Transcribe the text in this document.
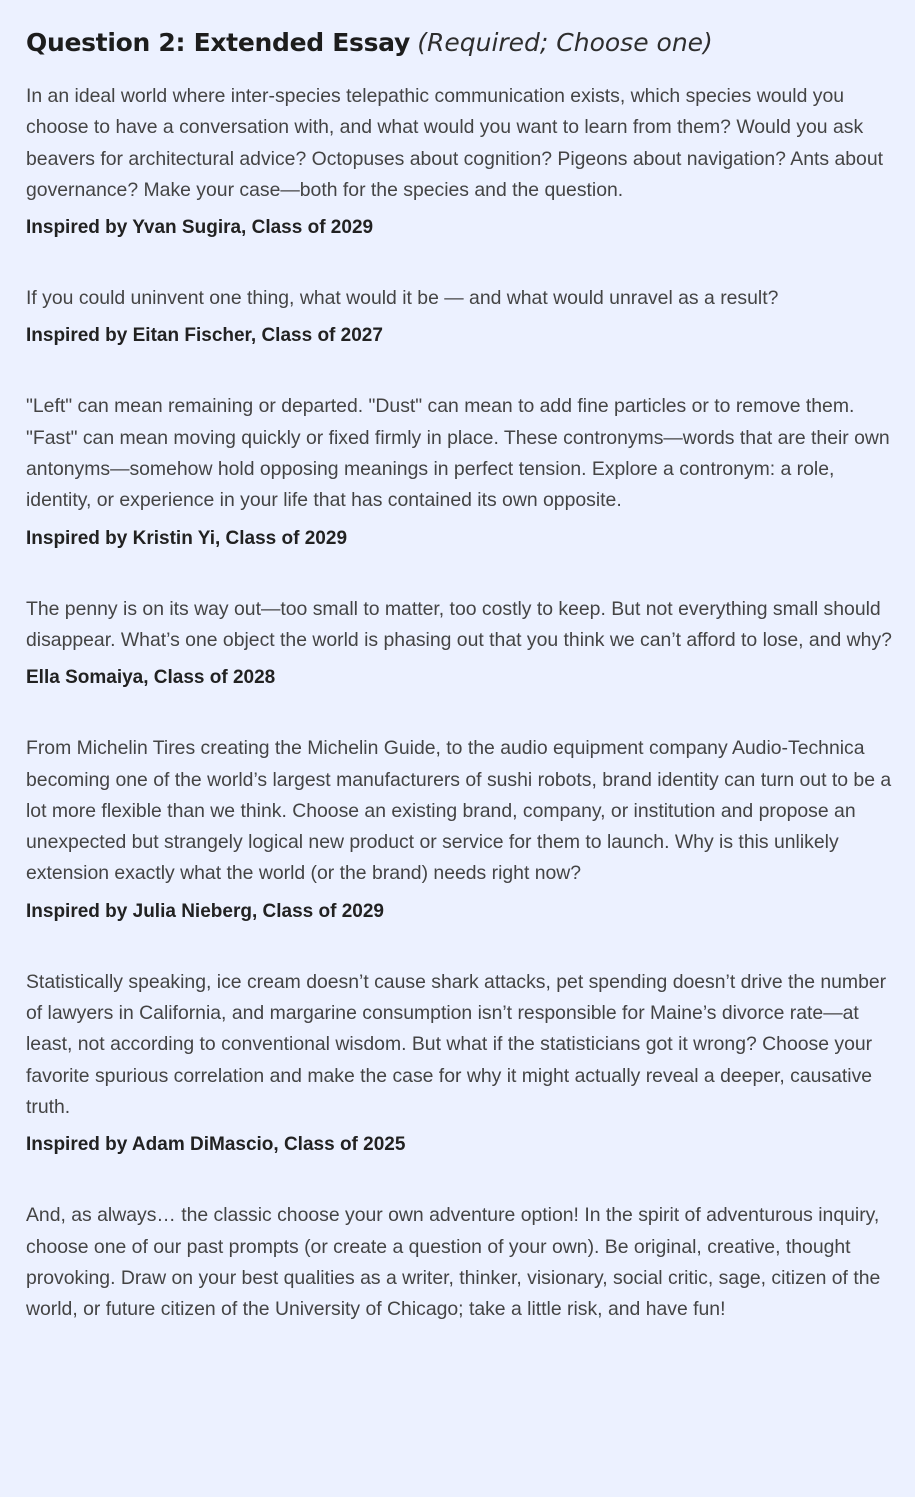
Question 2: Extended Essay (Required; Choose one)

In an ideal world where inter-species telepathic communication exists, which species would you choose to have a conversation with, and what would you want to learn from them? Would you ask beavers for architectural advice? Octopuses about cognition? Pigeons about navigation? Ants about governance? Make your case—both for the species and the question.

Inspired by Yvan Sugira, Class of 2029

If you could uninvent one thing, what would it be — and what would unravel as a result?

Inspired by Eitan Fischer, Class of 2027

"Left" can mean remaining or departed. "Dust" can mean to add fine particles or to remove them. "Fast" can mean moving quickly or fixed firmly in place. These contronyms—words that are their own antonyms—somehow hold opposing meanings in perfect tension. Explore a contronym: a role, identity, or experience in your life that has contained its own opposite.

Inspired by Kristin Yi, Class of 2029

The penny is on its way out—too small to matter, too costly to keep. But not everything small should disappear. What’s one object the world is phasing out that you think we can’t afford to lose, and why?

Ella Somaiya, Class of 2028

From Michelin Tires creating the Michelin Guide, to the audio equipment company Audio-Technica becoming one of the world’s largest manufacturers of sushi robots, brand identity can turn out to be a lot more flexible than we think. Choose an existing brand, company, or institution and propose an unexpected but strangely logical new product or service for them to launch. Why is this unlikely extension exactly what the world (or the brand) needs right now?

Inspired by Julia Nieberg, Class of 2029

Statistically speaking, ice cream doesn’t cause shark attacks, pet spending doesn’t drive the number of lawyers in California, and margarine consumption isn’t responsible for Maine’s divorce rate—at least, not according to conventional wisdom. But what if the statisticians got it wrong? Choose your favorite spurious correlation and make the case for why it might actually reveal a deeper, causative truth.

Inspired by Adam DiMascio, Class of 2025

And, as always… the classic choose your own adventure option! In the spirit of adventurous inquiry, choose one of our past prompts (or create a question of your own). Be original, creative, thought provoking. Draw on your best qualities as a writer, thinker, visionary, social critic, sage, citizen of the world, or future citizen of the University of Chicago; take a little risk, and have fun!
